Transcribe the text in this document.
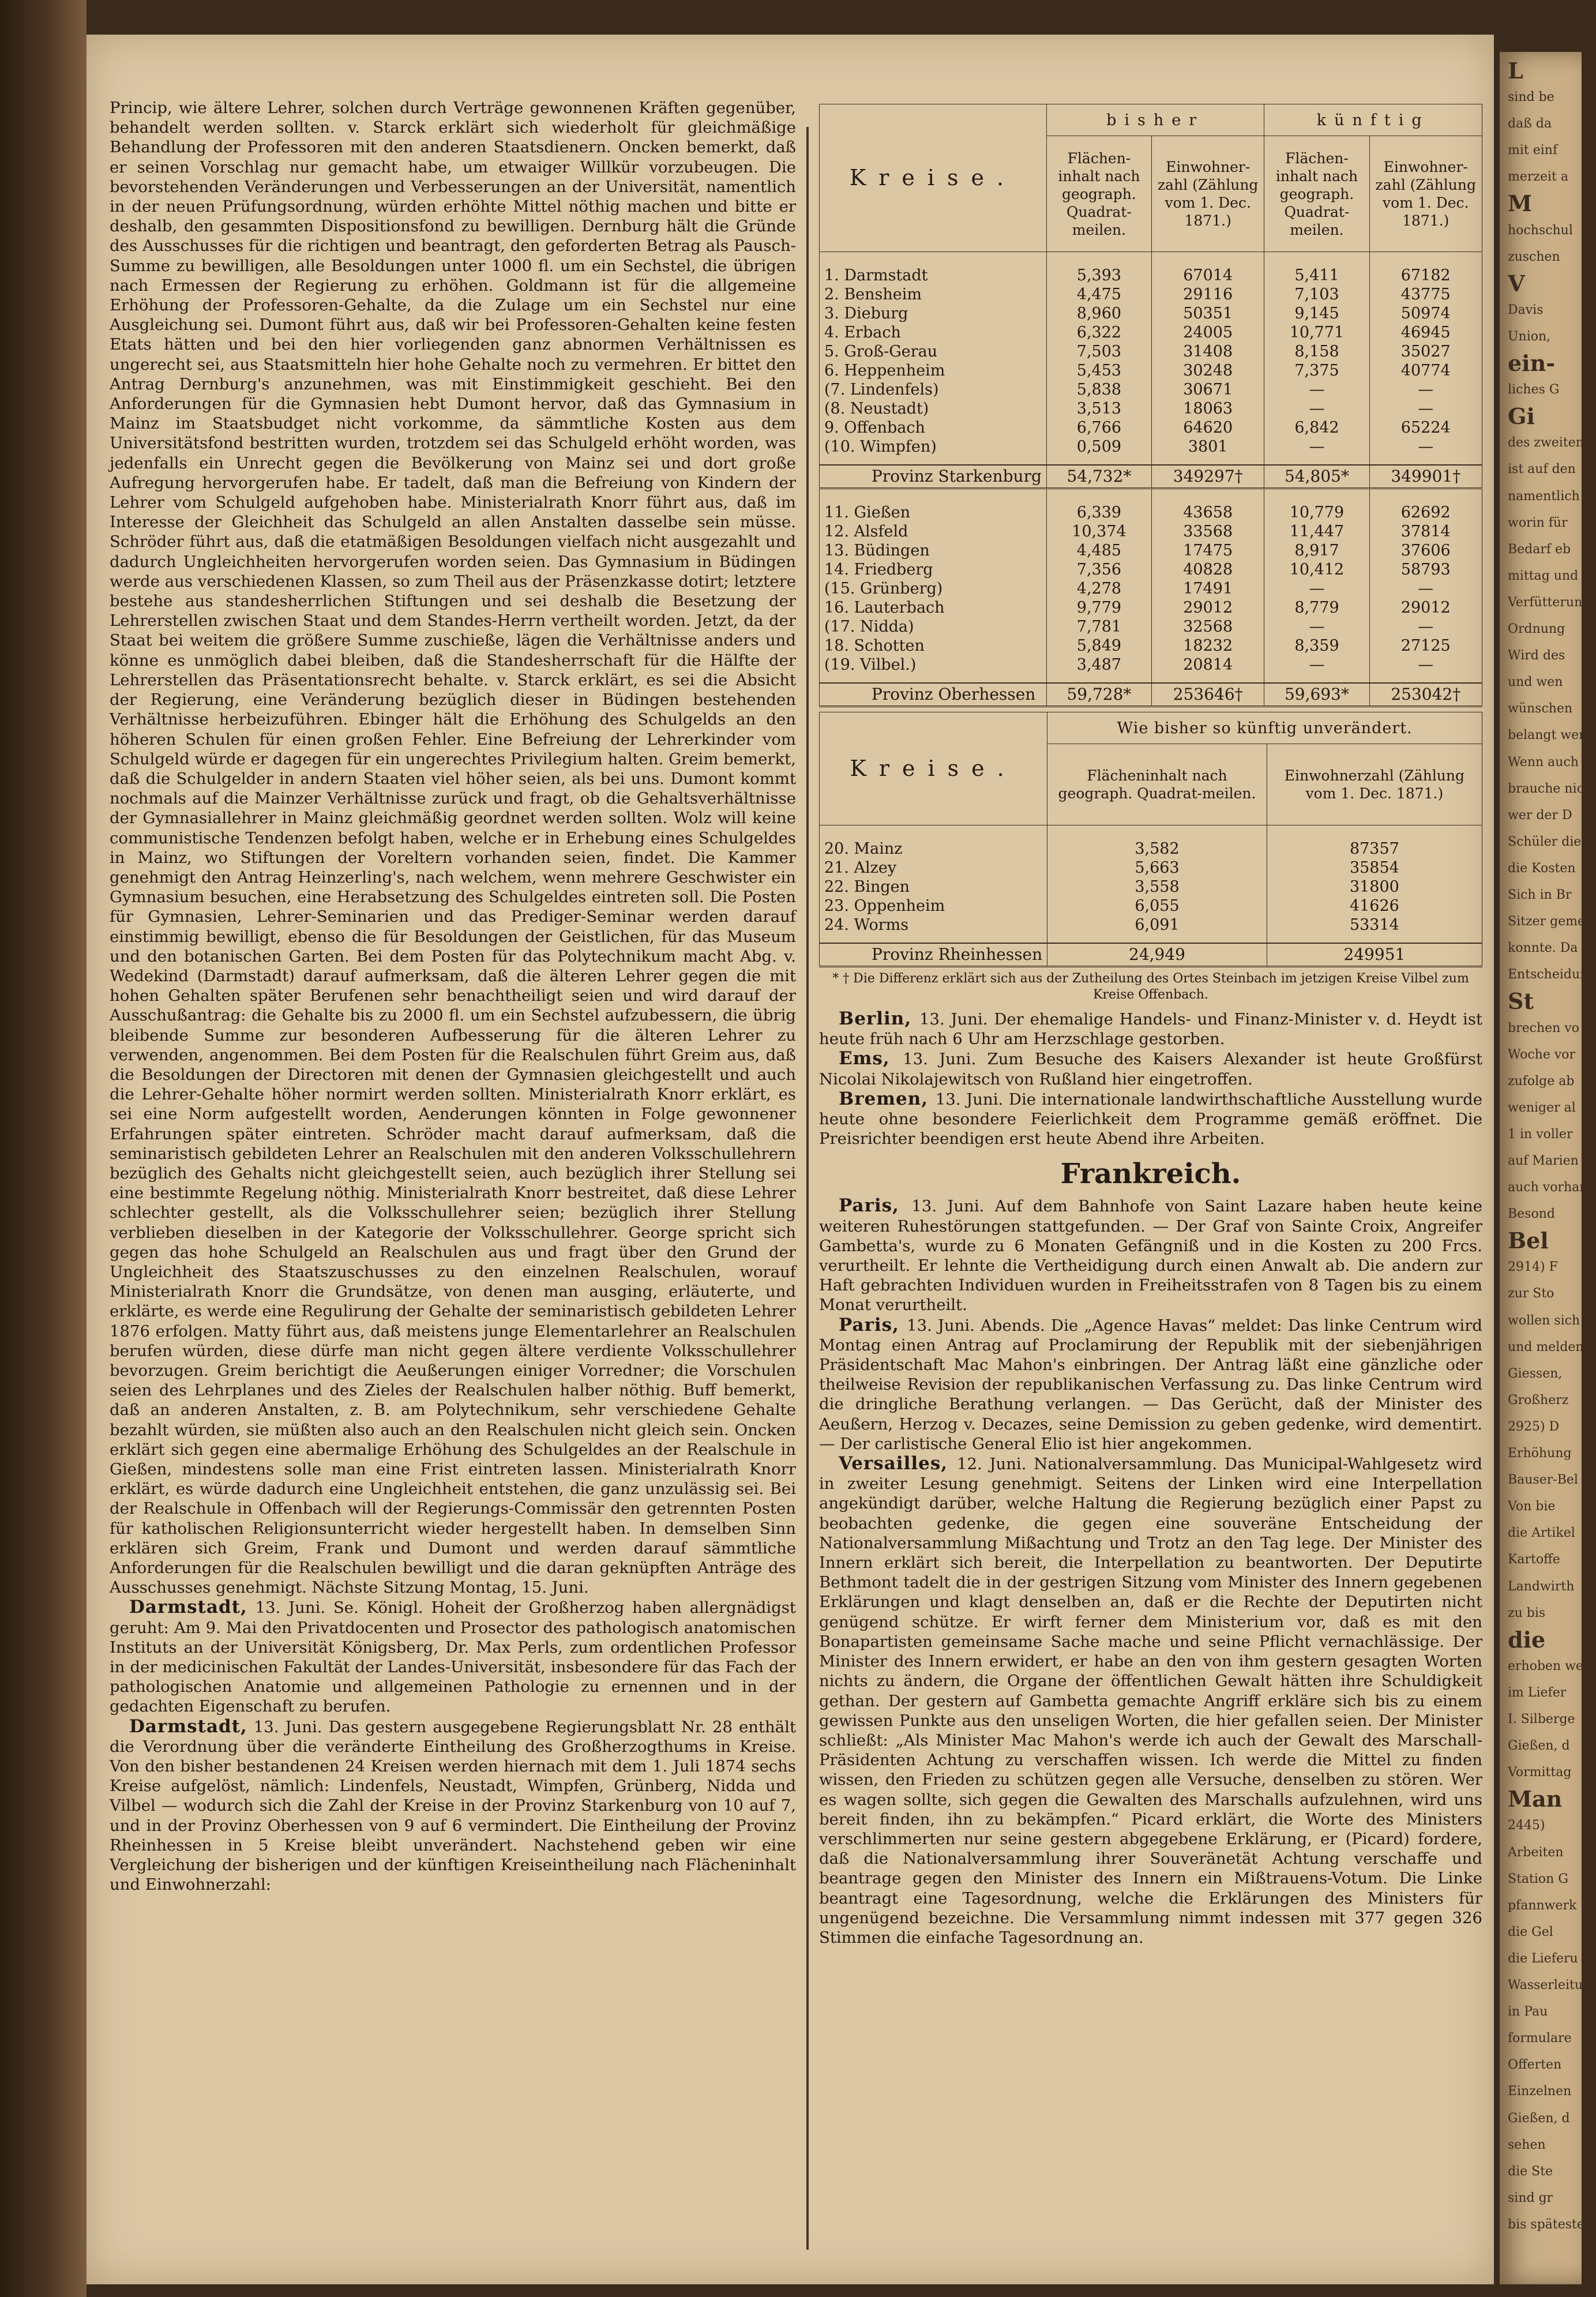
Princip, wie ältere Lehrer, solchen durch Verträge gewonnenen Kräften gegenüber, behandelt werden sollten. v. Starck erklärt sich wiederholt für gleichmäßige Behandlung der Professoren mit den anderen Staatsdienern. Oncken bemerkt, daß er seinen Vorschlag nur gemacht habe, um etwaiger Willkür vorzubeugen. Die bevorstehenden Veränderungen und Verbesserungen an der Universität, namentlich in der neuen Prüfungsordnung, würden erhöhte Mittel nöthig machen und bitte er deshalb, den gesammten Dispositionsfond zu bewilligen. Dernburg hält die Gründe des Ausschusses für die richtigen und beantragt, den geforderten Betrag als Pausch-Summe zu bewilligen, alle Besoldungen unter 1000 fl. um ein Sechstel, die übrigen nach Ermessen der Regierung zu erhöhen. Goldmann ist für die allgemeine Erhöhung der Professoren-Gehalte, da die Zulage um ein Sechstel nur eine Ausgleichung sei. Dumont führt aus, daß wir bei Professoren-Gehalten keine festen Etats hätten und bei den hier vorliegenden ganz abnormen Verhältnissen es ungerecht sei, aus Staatsmitteln hier hohe Gehalte noch zu vermehren. Er bittet den Antrag Dernburg's anzunehmen, was mit Einstimmigkeit geschieht. Bei den Anforderungen für die Gymnasien hebt Dumont hervor, daß das Gymnasium in Mainz im Staatsbudget nicht vorkomme, da sämmtliche Kosten aus dem Universitätsfond bestritten wurden, trotzdem sei das Schulgeld erhöht worden, was jedenfalls ein Unrecht gegen die Bevölkerung von Mainz sei und dort große Aufregung hervorgerufen habe. Er tadelt, daß man die Befreiung von Kindern der Lehrer vom Schulgeld aufgehoben habe. Ministerialrath Knorr führt aus, daß im Interesse der Gleichheit das Schulgeld an allen Anstalten dasselbe sein müsse. Schröder führt aus, daß die etatmäßigen Besoldungen vielfach nicht ausgezahlt und dadurch Ungleichheiten hervorgerufen worden seien. Das Gymnasium in Büdingen werde aus verschiedenen Klassen, so zum Theil aus der Präsenzkasse dotirt; letztere bestehe aus standesherrlichen Stiftungen und sei deshalb die Besetzung der Lehrerstellen zwischen Staat und dem Standes-Herrn vertheilt worden. Jetzt, da der Staat bei weitem die größere Summe zuschieße, lägen die Verhältnisse anders und könne es unmöglich dabei bleiben, daß die Standesherrschaft für die Hälfte der Lehrerstellen das Präsentationsrecht behalte. v. Starck erklärt, es sei die Absicht der Regierung, eine Veränderung bezüglich dieser in Büdingen bestehenden Verhältnisse herbeizuführen. Ebinger hält die Erhöhung des Schulgelds an den höheren Schulen für einen großen Fehler. Eine Befreiung der Lehrerkinder vom Schulgeld würde er dagegen für ein ungerechtes Privilegium halten. Greim bemerkt, daß die Schulgelder in andern Staaten viel höher seien, als bei uns. Dumont kommt nochmals auf die Mainzer Verhältnisse zurück und fragt, ob die Gehaltsverhältnisse der Gymnasiallehrer in Mainz gleichmäßig geordnet werden sollten. Wolz will keine communistische Tendenzen befolgt haben, welche er in Erhebung eines Schulgeldes in Mainz, wo Stiftungen der Voreltern vorhanden seien, findet. Die Kammer genehmigt den Antrag Heinzerling's, nach welchem, wenn mehrere Geschwister ein Gymnasium besuchen, eine Herabsetzung des Schulgeldes eintreten soll. Die Posten für Gymnasien, Lehrer-Seminarien und das Prediger-Seminar werden darauf einstimmig bewilligt, ebenso die für Besoldungen der Geistlichen, für das Museum und den botanischen Garten. Bei dem Posten für das Polytechnikum macht Abg. v. Wedekind (Darmstadt) darauf aufmerksam, daß die älteren Lehrer gegen die mit hohen Gehalten später Berufenen sehr benachtheiligt seien und wird darauf der Ausschußantrag: die Gehalte bis zu 2000 fl. um ein Sechstel aufzubessern, die übrig bleibende Summe zur besonderen Aufbesserung für die älteren Lehrer zu verwenden, angenommen. Bei dem Posten für die Realschulen führt Greim aus, daß die Besoldungen der Directoren mit denen der Gymnasien gleichgestellt und auch die Lehrer-Gehalte höher normirt werden sollten. Ministerialrath Knorr erklärt, es sei eine Norm aufgestellt worden, Aenderungen könnten in Folge gewonnener Erfahrungen später eintreten. Schröder macht darauf aufmerksam, daß die seminaristisch gebildeten Lehrer an Realschulen mit den anderen Volksschullehrern bezüglich des Gehalts nicht gleichgestellt seien, auch bezüglich ihrer Stellung sei eine bestimmte Regelung nöthig. Ministerialrath Knorr bestreitet, daß diese Lehrer schlechter gestellt, als die Volksschullehrer seien; bezüglich ihrer Stellung verblieben dieselben in der Kategorie der Volksschullehrer. George spricht sich gegen das hohe Schulgeld an Realschulen aus und fragt über den Grund der Ungleichheit des Staatszuschusses zu den einzelnen Realschulen, worauf Ministerialrath Knorr die Grundsätze, von denen man ausging, erläuterte, und erklärte, es werde eine Regulirung der Gehalte der seminaristisch gebildeten Lehrer 1876 erfolgen. Matty führt aus, daß meistens junge Elementarlehrer an Realschulen berufen würden, diese dürfe man nicht gegen ältere verdiente Volksschullehrer bevorzugen. Greim berichtigt die Aeußerungen einiger Vorredner; die Vorschulen seien des Lehrplanes und des Zieles der Realschulen halber nöthig. Buff bemerkt, daß an anderen Anstalten, z. B. am Polytechnikum, sehr verschiedene Gehalte bezahlt würden, sie müßten also auch an den Realschulen nicht gleich sein. Oncken erklärt sich gegen eine abermalige Erhöhung des Schulgeldes an der Realschule in Gießen, mindestens solle man eine Frist eintreten lassen. Ministerialrath Knorr erklärt, es würde dadurch eine Ungleichheit entstehen, die ganz unzulässig sei. Bei der Realschule in Offenbach will der Regierungs-Commissär den getrennten Posten für katholischen Religionsunterricht wieder hergestellt haben. In demselben Sinn erklären sich Greim, Frank und Dumont und werden darauf sämmtliche Anforderungen für die Realschulen bewilligt und die daran geknüpften Anträge des Ausschusses genehmigt. Nächste Sitzung Montag, 15. Juni.

Darmstadt, 13. Juni. Se. Königl. Hoheit der Großherzog haben allergnädigst geruht: Am 9. Mai den Privatdocenten und Prosector des pathologisch anatomischen Instituts an der Universität Königsberg, Dr. Max Perls, zum ordentlichen Professor in der medicinischen Fakultät der Landes-Universität, insbesondere für das Fach der pathologischen Anatomie und allgemeinen Pathologie zu ernennen und in der gedachten Eigenschaft zu berufen.

Darmstadt, 13. Juni. Das gestern ausgegebene Regierungsblatt Nr. 28 enthält die Verordnung über die veränderte Eintheilung des Großherzogthums in Kreise. Von den bisher bestandenen 24 Kreisen werden hiernach mit dem 1. Juli 1874 sechs Kreise aufgelöst, nämlich: Lindenfels, Neustadt, Wimpfen, Grünberg, Nidda und Vilbel — wodurch sich die Zahl der Kreise in der Provinz Starkenburg von 10 auf 7, und in der Provinz Oberhessen von 9 auf 6 vermindert. Die Eintheilung der Provinz Rheinhessen in 5 Kreise bleibt unverändert. Nachstehend geben wir eine Vergleichung der bisherigen und der künftigen Kreiseintheilung nach Flächeninhalt und Einwohnerzahl:

Kreise.	bisher		künftig	
	Flächen-inhalt nach geograph. Quadrat-meilen.	Einwohner-zahl (Zählung vom 1. Dec. 1871.)	Flächen-inhalt nach geograph. Quadrat-meilen.	Einwohner-zahl (Zählung vom 1. Dec. 1871.)
1. Darmstadt	5,393	67014	5,411	67182
2. Bensheim	4,475	29116	7,103	43775
3. Dieburg	8,960	50351	9,145	50974
4. Erbach	6,322	24005	10,771	46945
5. Groß-Gerau	7,503	31408	8,158	35027
6. Heppenheim	5,453	30248	7,375	40774
(7. Lindenfels)	5,838	30671	—	—
(8. Neustadt)	3,513	18063	—	—
9. Offenbach	6,766	64620	6,842	65224
(10. Wimpfen)	0,509	3801	—	—
Provinz Starkenburg	54,732*	349297†	54,805*	349901†
11. Gießen	6,339	43658	10,779	62692
12. Alsfeld	10,374	33568	11,447	37814
13. Büdingen	4,485	17475	8,917	37606
14. Friedberg	7,356	40828	10,412	58793
(15. Grünberg)	4,278	17491	—	—
16. Lauterbach	9,779	29012	8,779	29012
(17. Nidda)	7,781	32568	—	—
18. Schotten	5,849	18232	8,359	27125
(19. Vilbel.)	3,487	20814	—	—
Provinz Oberhessen	59,728*	253646†	59,693*	253042†
Kreise.	Wie bisher so künftig unverändert.	
	Flächeninhalt nach geograph. Quadrat-meilen.	Einwohnerzahl (Zählung vom 1. Dec. 1871.)
20. Mainz	3,582	87357
21. Alzey	5,663	35854
22. Bingen	3,558	31800
23. Oppenheim	6,055	41626
24. Worms	6,091	53314
Provinz Rheinhessen	24,949	249951

* † Die Differenz erklärt sich aus der Zutheilung des Ortes Steinbach im jetzigen Kreise Vilbel zum Kreise Offenbach.

Berlin, 13. Juni. Der ehemalige Handels- und Finanz-Minister v. d. Heydt ist heute früh nach 6 Uhr am Herzschlage gestorben.

Ems, 13. Juni. Zum Besuche des Kaisers Alexander ist heute Großfürst Nicolai Nikolajewitsch von Rußland hier eingetroffen.

Bremen, 13. Juni. Die internationale landwirthschaftliche Ausstellung wurde heute ohne besondere Feierlichkeit dem Programme gemäß eröffnet. Die Preisrichter beendigen erst heute Abend ihre Arbeiten.

Frankreich.

Paris, 13. Juni. Auf dem Bahnhofe von Saint Lazare haben heute keine weiteren Ruhestörungen stattgefunden. — Der Graf von Sainte Croix, Angreifer Gambetta's, wurde zu 6 Monaten Gefängniß und in die Kosten zu 200 Frcs. verurtheilt. Er lehnte die Vertheidigung durch einen Anwalt ab. Die andern zur Haft gebrachten Individuen wurden in Freiheitsstrafen von 8 Tagen bis zu einem Monat verurtheilt.

Paris, 13. Juni. Abends. Die „Agence Havas“ meldet: Das linke Centrum wird Montag einen Antrag auf Proclamirung der Republik mit der siebenjährigen Präsidentschaft Mac Mahon's einbringen. Der Antrag läßt eine gänzliche oder theilweise Revision der republikanischen Verfassung zu. Das linke Centrum wird die dringliche Berathung verlangen. — Das Gerücht, daß der Minister des Aeußern, Herzog v. Decazes, seine Demission zu geben gedenke, wird dementirt. — Der carlistische General Elio ist hier angekommen.

Versailles, 12. Juni. Nationalversammlung. Das Municipal-Wahlgesetz wird in zweiter Lesung genehmigt. Seitens der Linken wird eine Interpellation angekündigt darüber, welche Haltung die Regierung bezüglich einer Papst zu beobachten gedenke, die gegen eine souveräne Entscheidung der Nationalversammlung Mißachtung und Trotz an den Tag lege. Der Minister des Innern erklärt sich bereit, die Interpellation zu beantworten. Der Deputirte Bethmont tadelt die in der gestrigen Sitzung vom Minister des Innern gegebenen Erklärungen und klagt denselben an, daß er die Rechte der Deputirten nicht genügend schütze. Er wirft ferner dem Ministerium vor, daß es mit den Bonapartisten gemeinsame Sache mache und seine Pflicht vernachlässige. Der Minister des Innern erwidert, er habe an den von ihm gestern gesagten Worten nichts zu ändern, die Organe der öffentlichen Gewalt hätten ihre Schuldigkeit gethan. Der gestern auf Gambetta gemachte Angriff erkläre sich bis zu einem gewissen Punkte aus den unseligen Worten, die hier gefallen seien. Der Minister schließt: „Als Minister Mac Mahon's werde ich auch der Gewalt des Marschall-Präsidenten Achtung zu verschaffen wissen. Ich werde die Mittel zu finden wissen, den Frieden zu schützen gegen alle Versuche, denselben zu stören. Wer es wagen sollte, sich gegen die Gewalten des Marschalls aufzulehnen, wird uns bereit finden, ihn zu bekämpfen.“ Picard erklärt, die Worte des Ministers verschlimmerten nur seine gestern abgegebene Erklärung, er (Picard) fordere, daß die Nationalversammlung ihrer Souveränetät Achtung verschaffe und beantrage gegen den Minister des Innern ein Mißtrauens-Votum. Die Linke beantragt eine Tagesordnung, welche die Erklärungen des Ministers für ungenügend bezeichne. Die Versammlung nimmt indessen mit 377 gegen 326 Stimmen die einfache Tagesordnung an.

L
sind be
daß da
mit einf
merzeit a
M
hochschul
zuschen
V
Davis
Union,
ein-
liches G
Gi
des zweiten
ist auf den
namentlich
worin für
Bedarf eb
mittag und
Verfütterun
Ordnung
Wird des
und wen
wünschen
belangt wer
Wenn auch
brauche nich
wer der D
Schüler die
die Kosten
Sich in Br
Sitzer geme
konnte. Da
Entscheidung
St
brechen vo
Woche vor
zufolge ab
weniger al
1 in voller
auf Marien
auch vorhan
Besond
Bel
2914) F
zur Sto
wollen sich
und melden
Giessen,
Großherz
2925) D
Erhöhung
Bauser-Bel
Von bie
die Artikel
Kartoffe
Landwirth
zu bis
die
erhoben we
im Liefer
I. Silberge
Gießen, d
Vormittag
Man
2445)
Arbeiten
Station G
pfannwerk
die Gel
die Lieferu
Wasserleitu
in Pau
formulare
Offerten
Einzelnen
Gießen, d
sehen
die Ste
sind gr
bis späteste
